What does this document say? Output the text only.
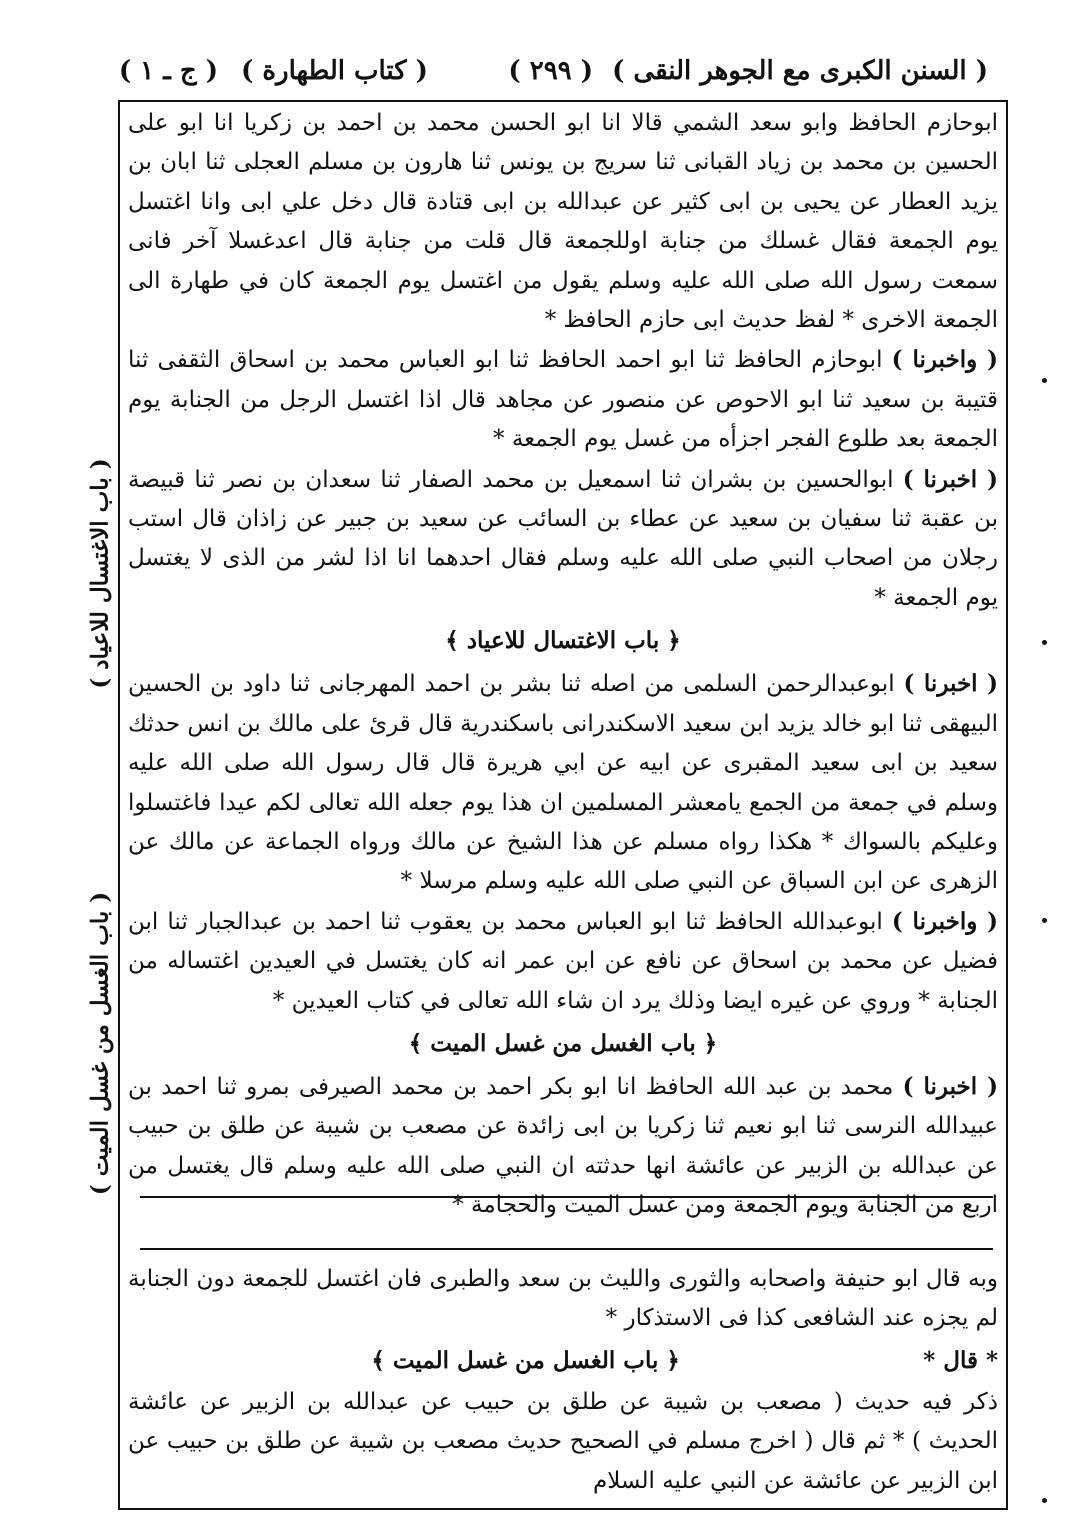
( السنن الكبرى مع الجوهر النقى )
( ٢٩٩ )
( كتاب الطهارة )
( ج ـ ١ )
( باب الاغتسال للاعياد )
( باب الغسل من غسل الميت )

ابوحازم الحافظ وابو سعد الشمي قالا انا ابو الحسن محمد بن احمد بن زكريا انا ابو على الحسين بن محمد بن زياد القبانى ثنا سريج بن يونس ثنا هارون بن مسلم العجلى ثنا ابان بن يزيد العطار عن يحيى بن ابى كثير عن عبدالله بن ابى قتادة قال دخل علي ابى وانا اغتسل يوم الجمعة فقال غسلك من جنابة اوللجمعة قال قلت من جنابة قال اعدغسلا آخر فانى سمعت رسول الله صلى الله عليه وسلم يقول من اغتسل يوم الجمعة كان في طهارة الى الجمعة الاخرى * لفظ حديث ابى حازم الحافظ *

( واخبرنا ) ابوحازم الحافظ ثنا ابو احمد الحافظ ثنا ابو العباس محمد بن اسحاق الثقفى ثنا قتيبة بن سعيد ثنا ابو الاحوص عن منصور عن مجاهد قال اذا اغتسل الرجل من الجنابة يوم الجمعة بعد طلوع الفجر اجزأه من غسل يوم الجمعة *

( اخبرنا ) ابوالحسين بن بشران ثنا اسمعيل بن محمد الصفار ثنا سعدان بن نصر ثنا قبيصة بن عقبة ثنا سفيان بن سعيد عن عطاء بن السائب عن سعيد بن جبير عن زاذان قال استب رجلان من اصحاب النبي صلى الله عليه وسلم فقال احدهما انا اذا لشر من الذى لا يغتسل يوم الجمعة *

﴿ باب الاغتسال للاعياد ﴾

( اخبرنا ) ابوعبدالرحمن السلمى من اصله ثنا بشر بن احمد المهرجانى ثنا داود بن الحسين البيهقى ثنا ابو خالد يزيد ابن سعيد الاسكندرانى باسكندرية قال قرئ على مالك بن انس حدثك سعيد بن ابى سعيد المقبرى عن ابيه عن ابي هريرة قال قال رسول الله صلى الله عليه وسلم في جمعة من الجمع يامعشر المسلمين ان هذا يوم جعله الله تعالى لكم عيدا فاغتسلوا وعليكم بالسواك * هكذا رواه مسلم عن هذا الشيخ عن مالك ورواه الجماعة عن مالك عن الزهرى عن ابن السباق عن النبي صلى الله عليه وسلم مرسلا *

( واخبرنا ) ابوعبدالله الحافظ ثنا ابو العباس محمد بن يعقوب ثنا احمد بن عبدالجبار ثنا ابن فضيل عن محمد بن اسحاق عن نافع عن ابن عمر انه كان يغتسل في العيدين اغتساله من الجنابة * وروي عن غيره ايضا وذلك يرد ان شاء الله تعالى في كتاب العيدين *

﴿ باب الغسل من غسل الميت ﴾

( اخبرنا ) محمد بن عبد الله الحافظ انا ابو بكر احمد بن محمد الصيرفى بمرو ثنا احمد بن عبيدالله النرسى ثنا ابو نعيم ثنا زكريا بن ابى زائدة عن مصعب بن شيبة عن طلق بن حبيب عن عبدالله بن الزبير عن عائشة انها حدثته ان النبي صلى الله عليه وسلم قال يغتسل من اربع من الجنابة ويوم الجمعة ومن غسل الميت والحجامة *

وبه قال ابو حنيفة واصحابه والثورى والليث بن سعد والطبرى فان اغتسل للجمعة دون الجنابة لم يجزه عند الشافعى كذا فى الاستذكار *

* قال *
﴿ باب الغسل من غسل الميت ﴾

ذكر فيه حديث ( مصعب بن شيبة عن طلق بن حبيب عن عبدالله بن الزبير عن عائشة الحديث ) * ثم قال ( اخرج مسلم في الصحيح حديث مصعب بن شيبة عن طلق بن حبيب عن ابن الزبير عن عائشة عن النبي عليه السلام
